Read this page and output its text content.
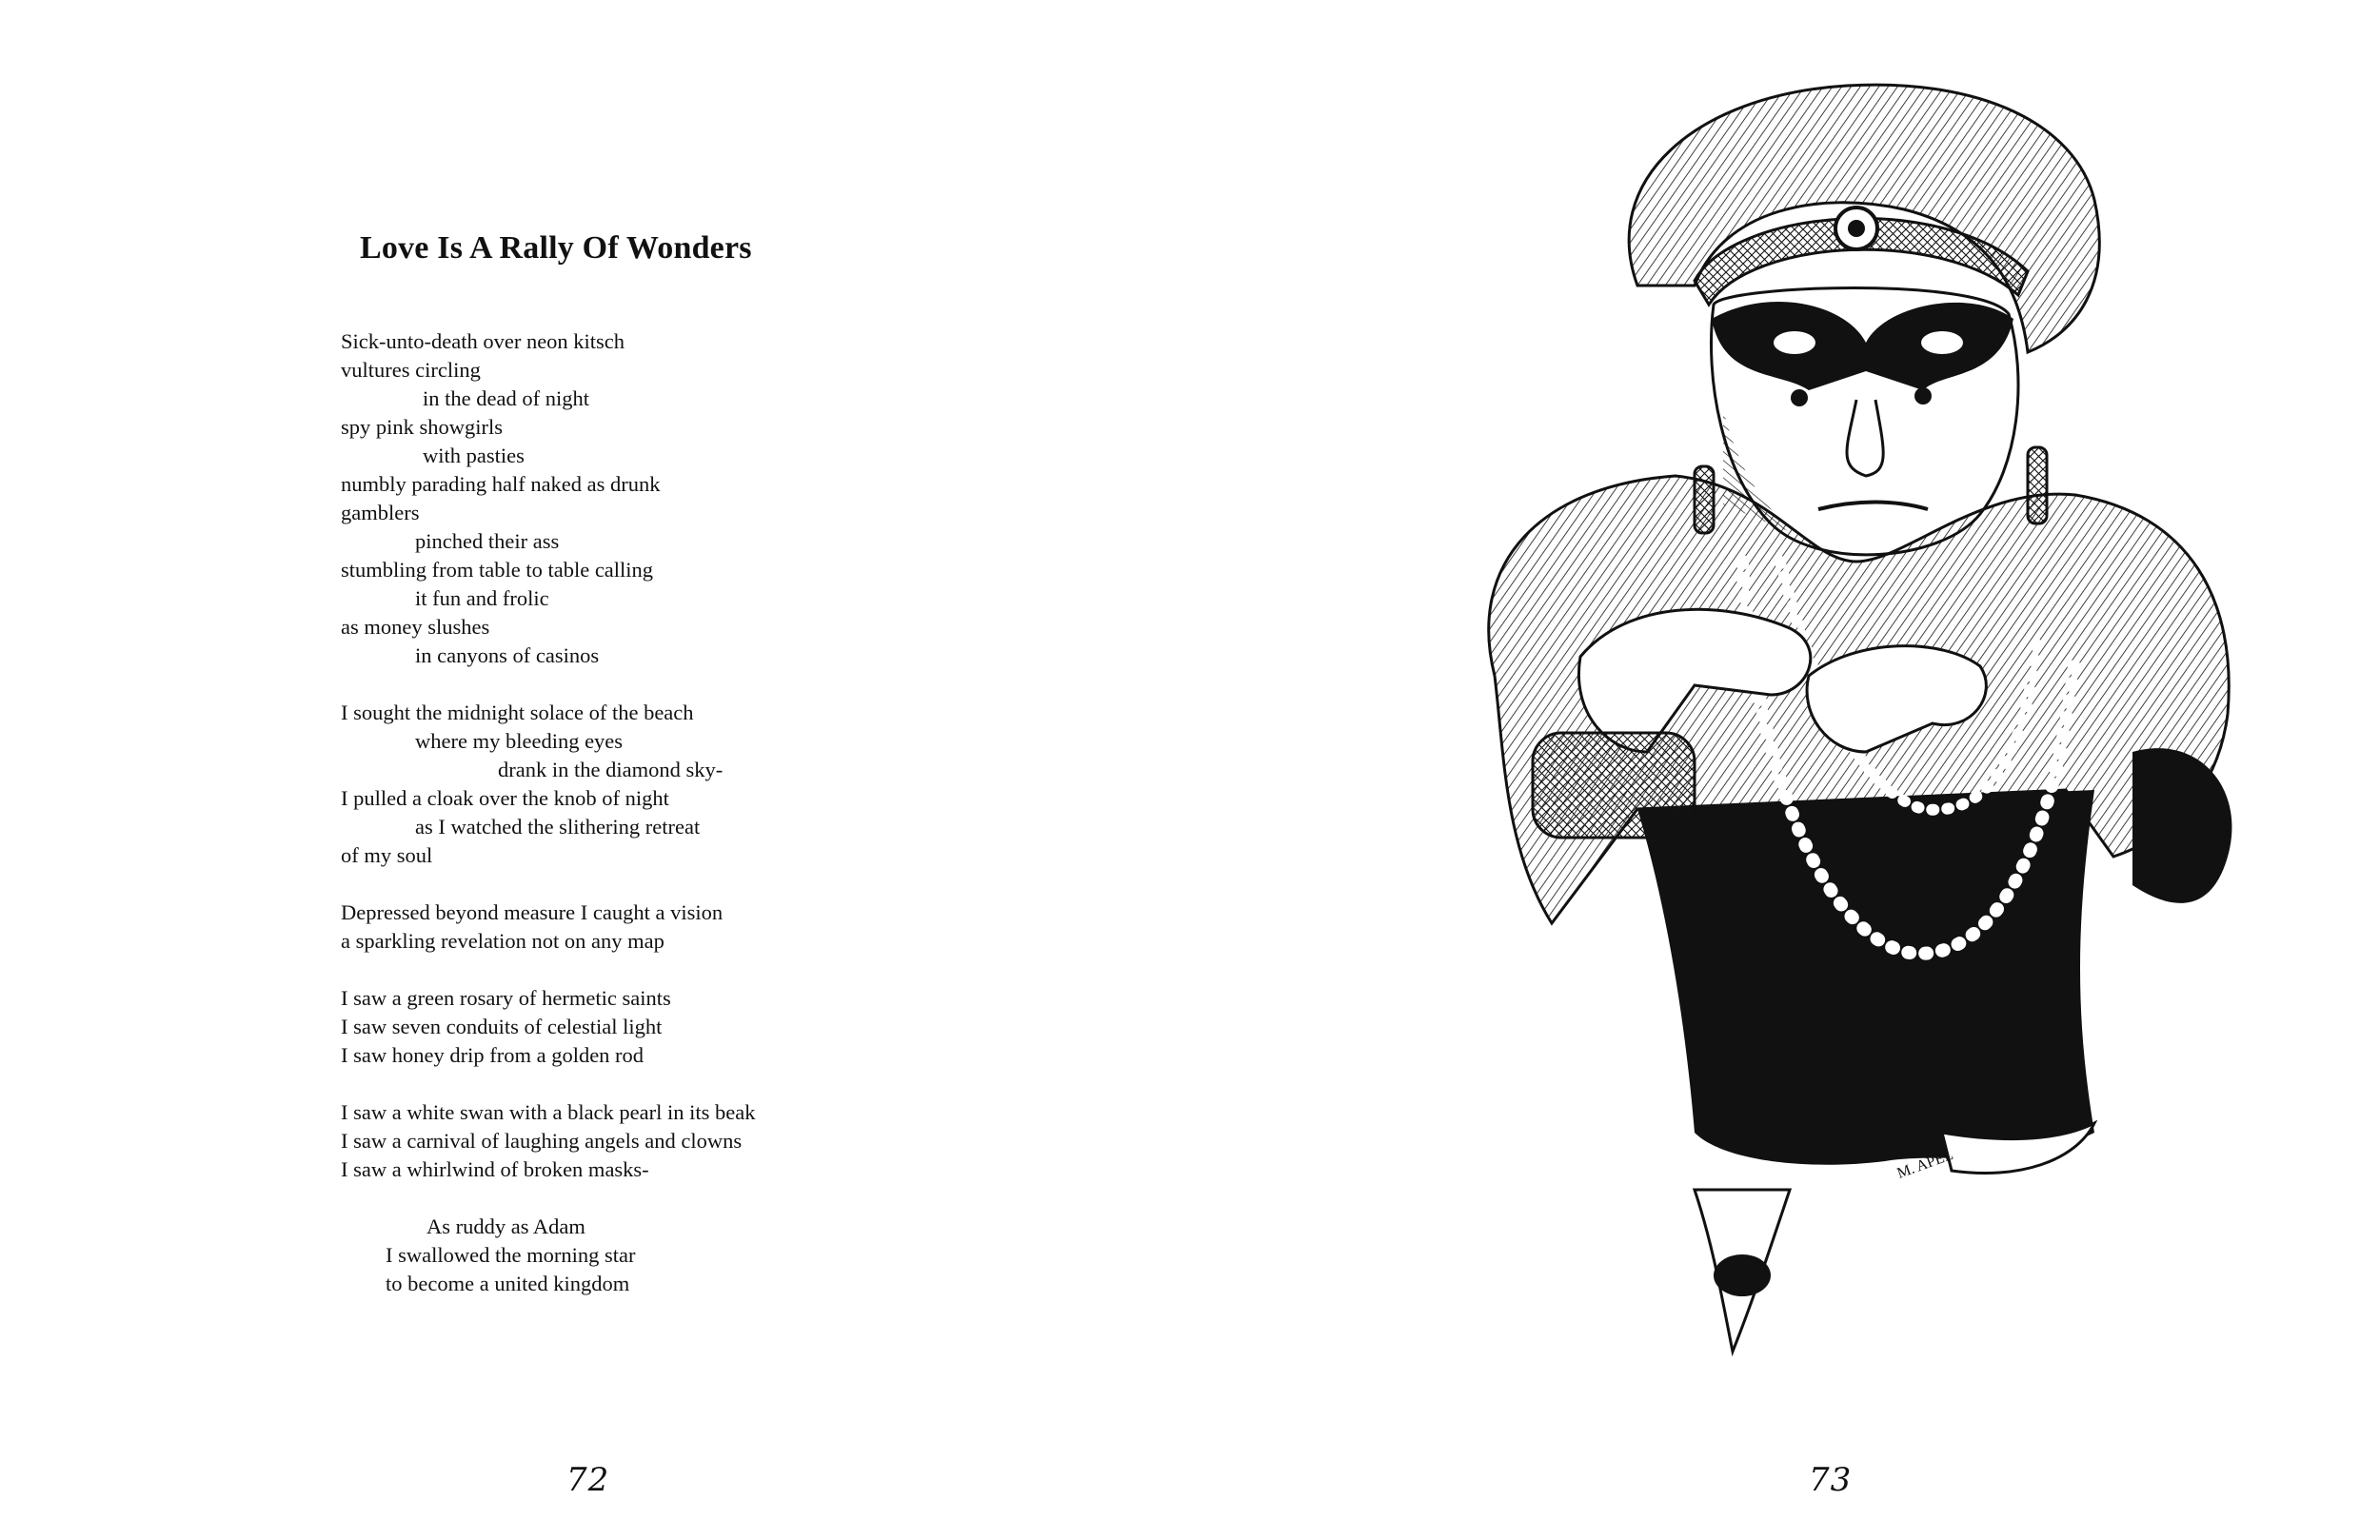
Love Is A Rally Of Wonders
Sick-unto-death over neon kitsch
vultures circling
in the dead of night
spy pink showgirls
with pasties
numbly parading half naked as drunk
gamblers
pinched their ass
stumbling from table to table calling
it fun and frolic
as money slushes
in canyons of casinos
I sought the midnight solace of the beach
where my bleeding eyes
drank in the diamond sky-
I pulled a cloak over the knob of night
as I watched the slithering retreat
of my soul
Depressed beyond measure I caught a vision
a sparkling revelation not on any map
I saw a green rosary of hermetic saints
I saw seven conduits of celestial light
I saw honey drip from a golden rod
I saw a white swan with a black pearl in its beak
I saw a carnival of laughing angels and clowns
I saw a whirlwind of broken masks-
As ruddy as Adam
I swallowed the morning star
to become a united kingdom
72
M. APEL
73
